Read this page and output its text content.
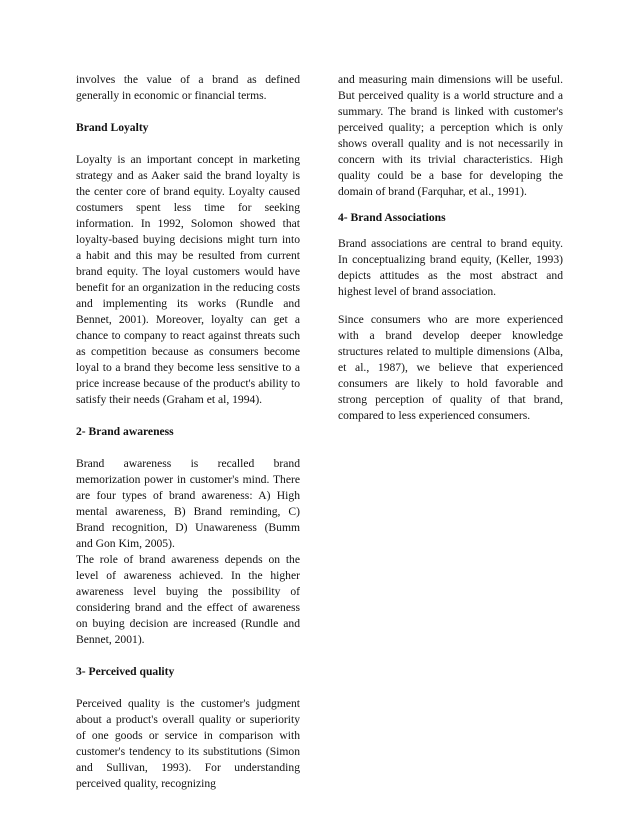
involves the value of a brand as defined generally in economic or financial terms.

Brand Loyalty

Loyalty is an important concept in marketing strategy and as Aaker said the brand loyalty is the center core of brand equity. Loyalty caused costumers spent less time for seeking information. In 1992, Solomon showed that loyalty-based buying decisions might turn into a habit and this may be resulted from current brand equity. The loyal customers would have benefit for an organization in the reducing costs and implementing its works (Rundle and Bennet, 2001). Moreover, loyalty can get a chance to company to react against threats such as competition because as consumers become loyal to a brand they become less sensitive to a price increase because of the product's ability to satisfy their needs (Graham et al, 1994).

2- Brand awareness

Brand awareness is recalled brand memorization power in customer's mind. There are four types of brand awareness: A) High mental awareness, B) Brand reminding, C) Brand recognition, D) Unawareness (Bumm and Gon Kim, 2005).

The role of brand awareness depends on the level of awareness achieved. In the higher awareness level buying the possibility of considering brand and the effect of awareness on buying decision are increased (Rundle and Bennet, 2001).

3- Perceived quality

Perceived quality is the customer's judgment about a product's overall quality or superiority of one goods or service in comparison with customer's tendency to its substitutions (Simon and Sullivan, 1993). For understanding perceived quality, recognizing

and measuring main dimensions will be useful. But perceived quality is a world structure and a summary. The brand is linked with customer's perceived quality; a perception which is only shows overall quality and is not necessarily in concern with its trivial characteristics. High quality could be a base for developing the domain of brand (Farquhar, et al., 1991).

4- Brand Associations

Brand associations are central to brand equity. In conceptualizing brand equity, (Keller, 1993) depicts attitudes as the most abstract and highest level of brand association.

Since consumers who are more experienced with a brand develop deeper knowledge structures related to multiple dimensions (Alba, et al., 1987), we believe that experienced consumers are likely to hold favorable and strong perception of quality of that brand, compared to less experienced consumers.
